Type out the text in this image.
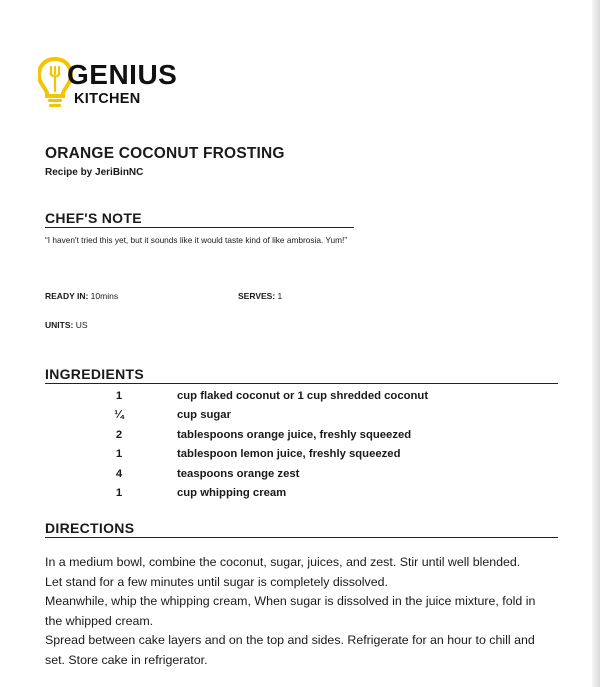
GENIUS
KITCHEN
ORANGE COCONUT FROSTING

Recipe by JeriBinNC

CHEF'S NOTE

“I haven't tried this yet, but it sounds like it would taste kind of like ambrosia. Yum!”

READY IN: 10mins	SERVES: 1

UNITS: US

INGREDIENTS
1	cup flaked coconut or 1 cup shredded coconut
¼	cup sugar
2	tablespoons orange juice, freshly squeezed
1	tablespoon lemon juice, freshly squeezed
4	teaspoons orange zest
1	cup whipping cream
DIRECTIONS

In a medium bowl, combine the coconut, sugar, juices, and zest. Stir until well blended.

Let stand for a few minutes until sugar is completely dissolved.

Meanwhile, whip the whipping cream, When sugar is dissolved in the juice mixture, fold in the whipped cream.

Spread between cake layers and on the top and sides. Refrigerate for an hour to chill and set. Store cake in refrigerator.
